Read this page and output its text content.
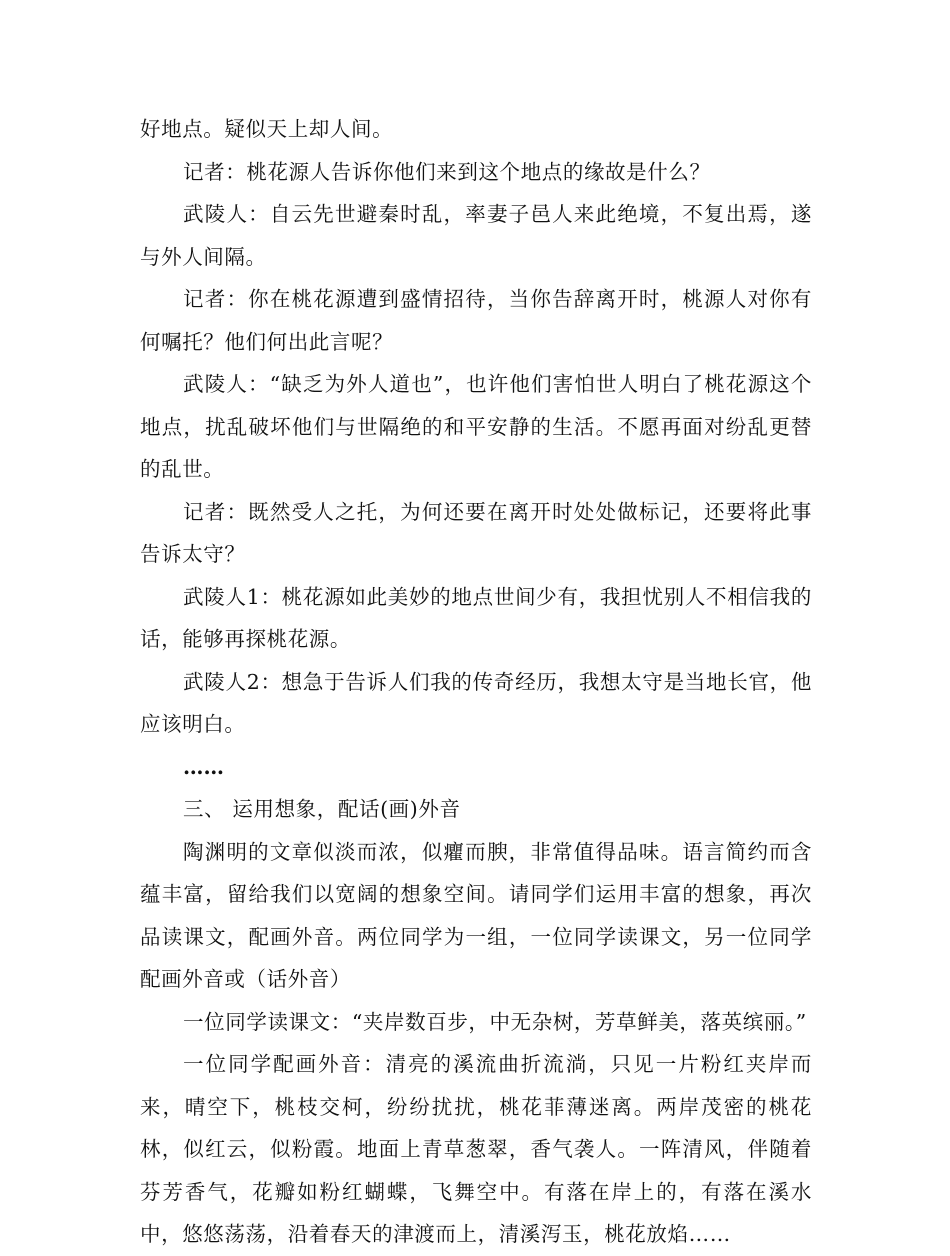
好地点。疑似天上却人间。

记者：桃花源人告诉你他们来到这个地点的缘故是什么？

武陵人：自云先世避秦时乱，率妻子邑人来此绝境，不复出焉，遂与外人间隔。

记者：你在桃花源遭到盛情招待，当你告辞离开时，桃源人对你有何嘱托？他们何出此言呢？

武陵人：“缺乏为外人道也”，也许他们害怕世人明白了桃花源这个地点，扰乱破坏他们与世隔绝的和平安静的生活。不愿再面对纷乱更替的乱世。

记者：既然受人之托，为何还要在离开时处处做标记，还要将此事告诉太守？

武陵人1：桃花源如此美妙的地点世间少有，我担忧别人不相信我的话，能够再探桃花源。

武陵人2：想急于告诉人们我的传奇经历，我想太守是当地长官，他应该明白。

……

三、 运用想象，配话(画)外音

陶渊明的文章似淡而浓，似癯而腴，非常值得品味。语言简约而含蕴丰富，留给我们以宽阔的想象空间。请同学们运用丰富的想象，再次品读课文，配画外音。两位同学为一组，一位同学读课文，另一位同学配画外音或（话外音）

一位同学读课文：“夹岸数百步，中无杂树，芳草鲜美，落英缤丽。”

一位同学配画外音：清亮的溪流曲折流淌，只见一片粉红夹岸而来，晴空下，桃枝交柯，纷纷扰扰，桃花菲薄迷离。两岸茂密的桃花林，似红云，似粉霞。地面上青草葱翠，香气袭人。一阵清风，伴随着芬芳香气，花瓣如粉红蝴蝶，飞舞空中。有落在岸上的，有落在溪水中，悠悠荡荡，沿着春天的津渡而上，清溪泻玉，桃花放焰……
